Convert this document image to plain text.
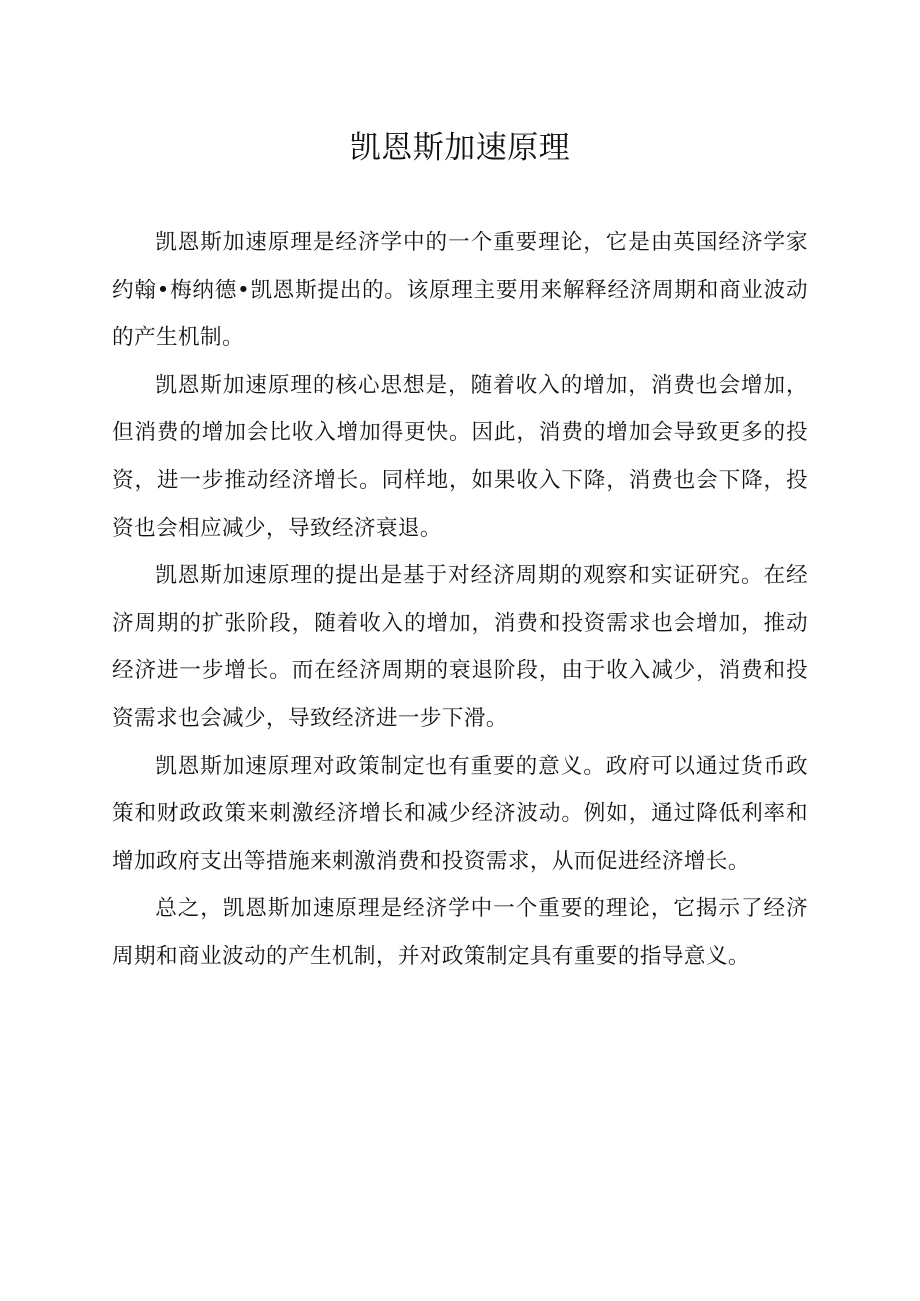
凯恩斯加速原理

凯恩斯加速原理是经济学中的一个重要理论，它是由英国经济学家约翰•梅纳德•凯恩斯提出的。该原理主要用来解释经济周期和商业波动的产生机制。

凯恩斯加速原理的核心思想是，随着收入的增加，消费也会增加，但消费的增加会比收入增加得更快。因此，消费的增加会导致更多的投资，进一步推动经济增长。同样地，如果收入下降，消费也会下降，投资也会相应减少，导致经济衰退。

凯恩斯加速原理的提出是基于对经济周期的观察和实证研究。在经济周期的扩张阶段，随着收入的增加，消费和投资需求也会增加，推动经济进一步增长。而在经济周期的衰退阶段，由于收入减少，消费和投资需求也会减少，导致经济进一步下滑。

凯恩斯加速原理对政策制定也有重要的意义。政府可以通过货币政策和财政政策来刺激经济增长和减少经济波动。例如，通过降低利率和增加政府支出等措施来刺激消费和投资需求，从而促进经济增长。

总之，凯恩斯加速原理是经济学中一个重要的理论，它揭示了经济周期和商业波动的产生机制，并对政策制定具有重要的指导意义。
